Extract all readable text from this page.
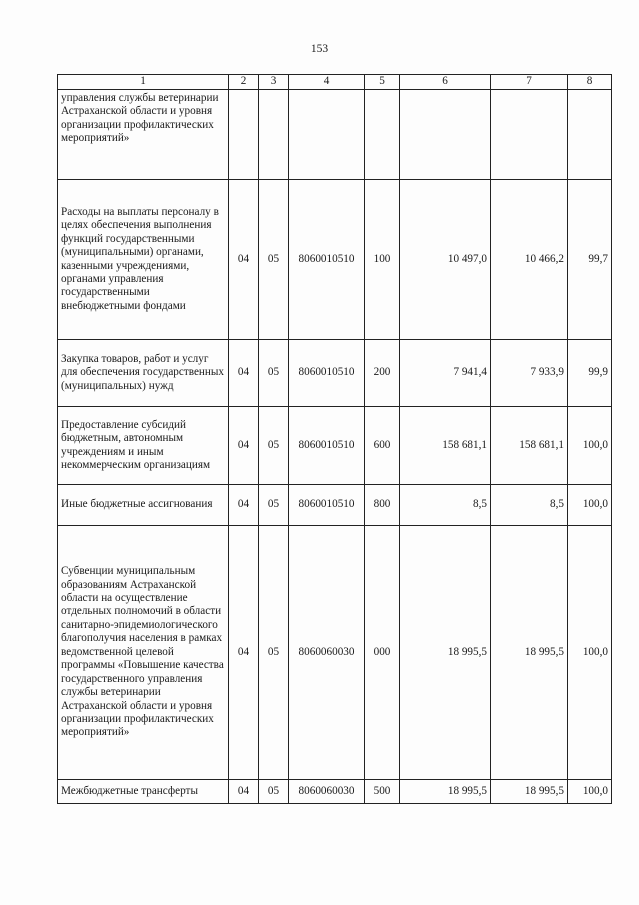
153
1	2	3	4	5	6	7	8
управления службы ветеринарии Астраханской области и уровня организации профилактических мероприятий»							
Расходы на выплаты персоналу в целях обеспечения выполнения функций государственными (муниципальными) органами, казенными учреждениями, органами управления государственными внебюджетными фондами	04	05	8060010510	100	10 497,0	10 466,2	99,7
Закупка товаров, работ и услуг для обеспечения государственных (муниципальных) нужд	04	05	8060010510	200	7 941,4	7 933,9	99,9
Предоставление субсидий бюджетным, автономным учреждениям и иным некоммерческим организациям	04	05	8060010510	600	158 681,1	158 681,1	100,0
Иные бюджетные ассигнования	04	05	8060010510	800	8,5	8,5	100,0
Субвенции муниципальным образованиям Астраханской области на осуществление отдельных полномочий в области санитарно-эпидемиологического благополучия населения в рамках ведомственной целевой программы «Повышение качества государственного управления службы ветеринарии Астраханской области и уровня организации профилактических мероприятий»	04	05	8060060030	000	18 995,5	18 995,5	100,0
Межбюджетные трансферты	04	05	8060060030	500	18 995,5	18 995,5	100,0
